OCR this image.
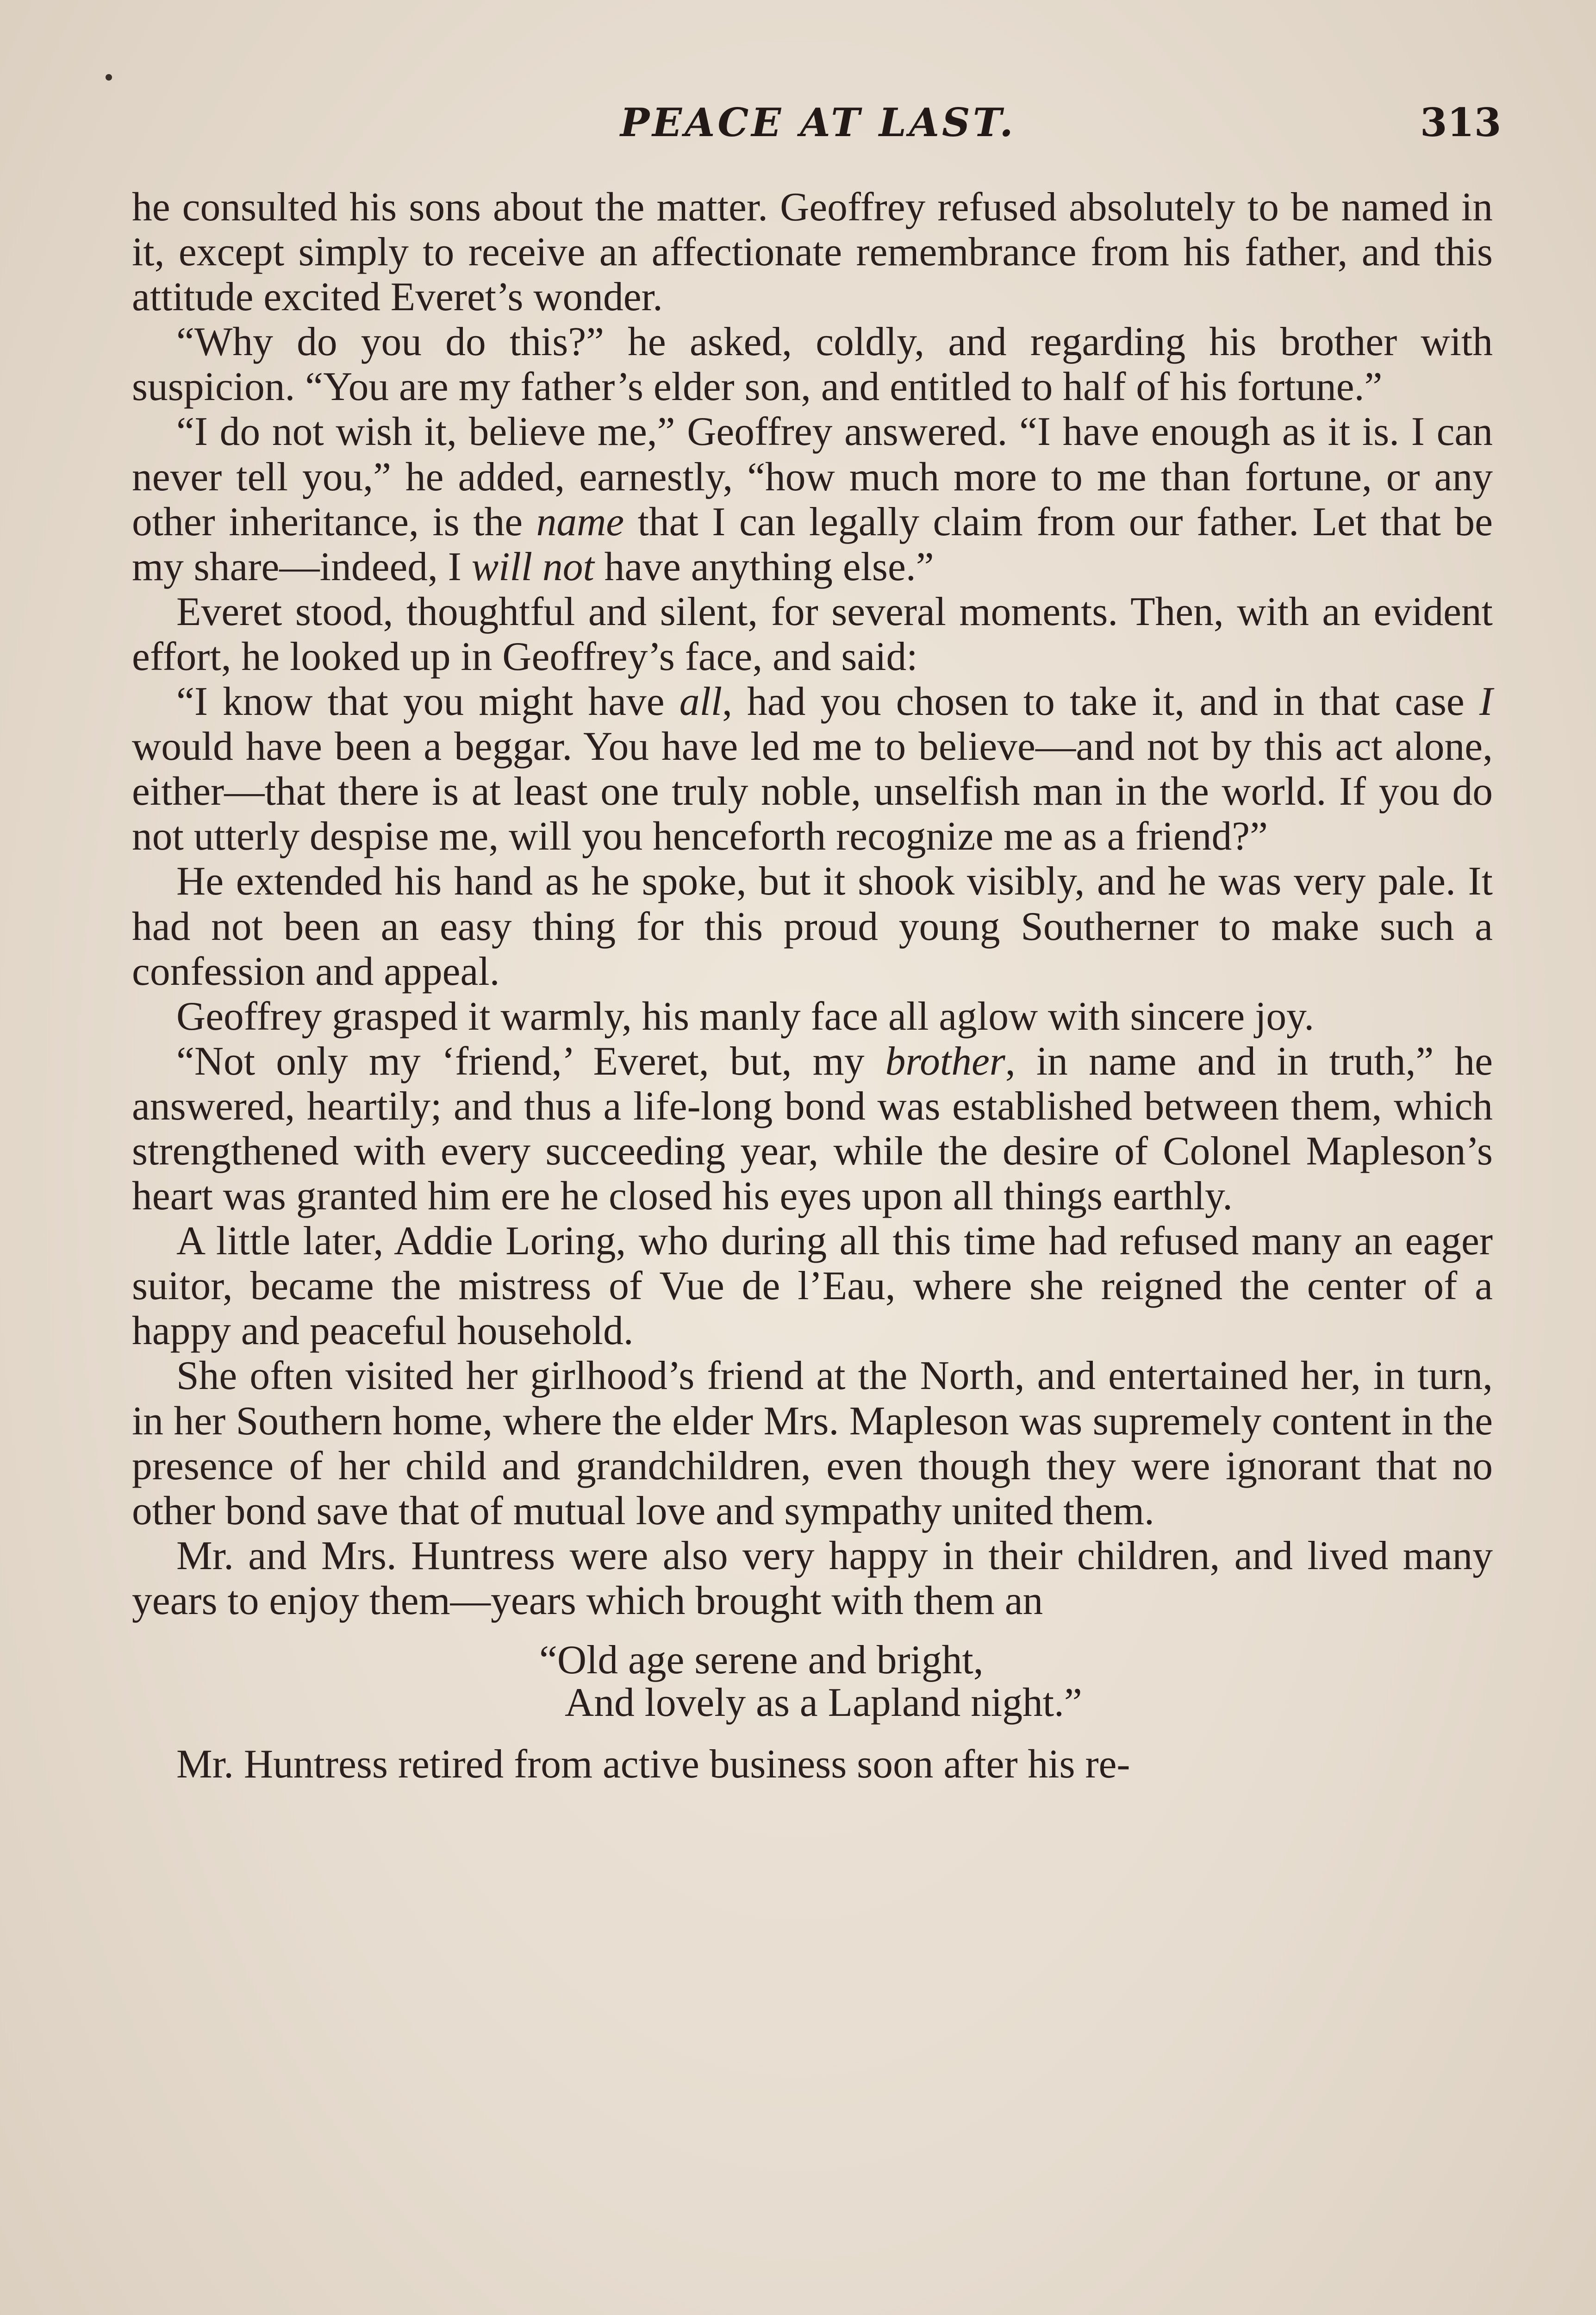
PEACE AT LAST.	313

he consulted his sons about the matter. Geoffrey refused absolutely to be named in it, except simply to receive an affectionate remembrance from his father, and this attitude excited Everet’s wonder.

“Why do you do this?” he asked, coldly, and regarding his brother with suspicion. “You are my father’s elder son, and entitled to half of his fortune.”

“I do not wish it, believe me,” Geoffrey answered. “I have enough as it is. I can never tell you,” he added, earnestly, “how much more to me than fortune, or any other inheritance, is the name that I can legally claim from our father. Let that be my share—indeed, I will not have anything else.”

Everet stood, thoughtful and silent, for several moments. Then, with an evident effort, he looked up in Geoffrey’s face, and said:

“I know that you might have all, had you chosen to take it, and in that case I would have been a beggar. You have led me to believe—and not by this act alone, either—that there is at least one truly noble, unselfish man in the world. If you do not utterly despise me, will you henceforth recognize me as a friend?”

He extended his hand as he spoke, but it shook visibly, and he was very pale. It had not been an easy thing for this proud young Southerner to make such a confession and appeal.

Geoffrey grasped it warmly, his manly face all aglow with sincere joy.

“Not only my ‘friend,’ Everet, but, my brother, in name and in truth,” he answered, heartily; and thus a life-long bond was established between them, which strengthened with every succeeding year, while the desire of Colonel Mapleson’s heart was granted him ere he closed his eyes upon all things earthly.

A little later, Addie Loring, who during all this time had refused many an eager suitor, became the mistress of Vue de l’Eau, where she reigned the center of a happy and peaceful household.

She often visited her girlhood’s friend at the North, and entertained her, in turn, in her Southern home, where the elder Mrs. Mapleson was supremely content in the presence of her child and grandchildren, even though they were ignorant that no other bond save that of mutual love and sympathy united them.

Mr. and Mrs. Huntress were also very happy in their children, and lived many years to enjoy them—years which brought with them an

“Old age serene and bright,
And lovely as a Lapland night.”

Mr. Huntress retired from active business soon after his re-
